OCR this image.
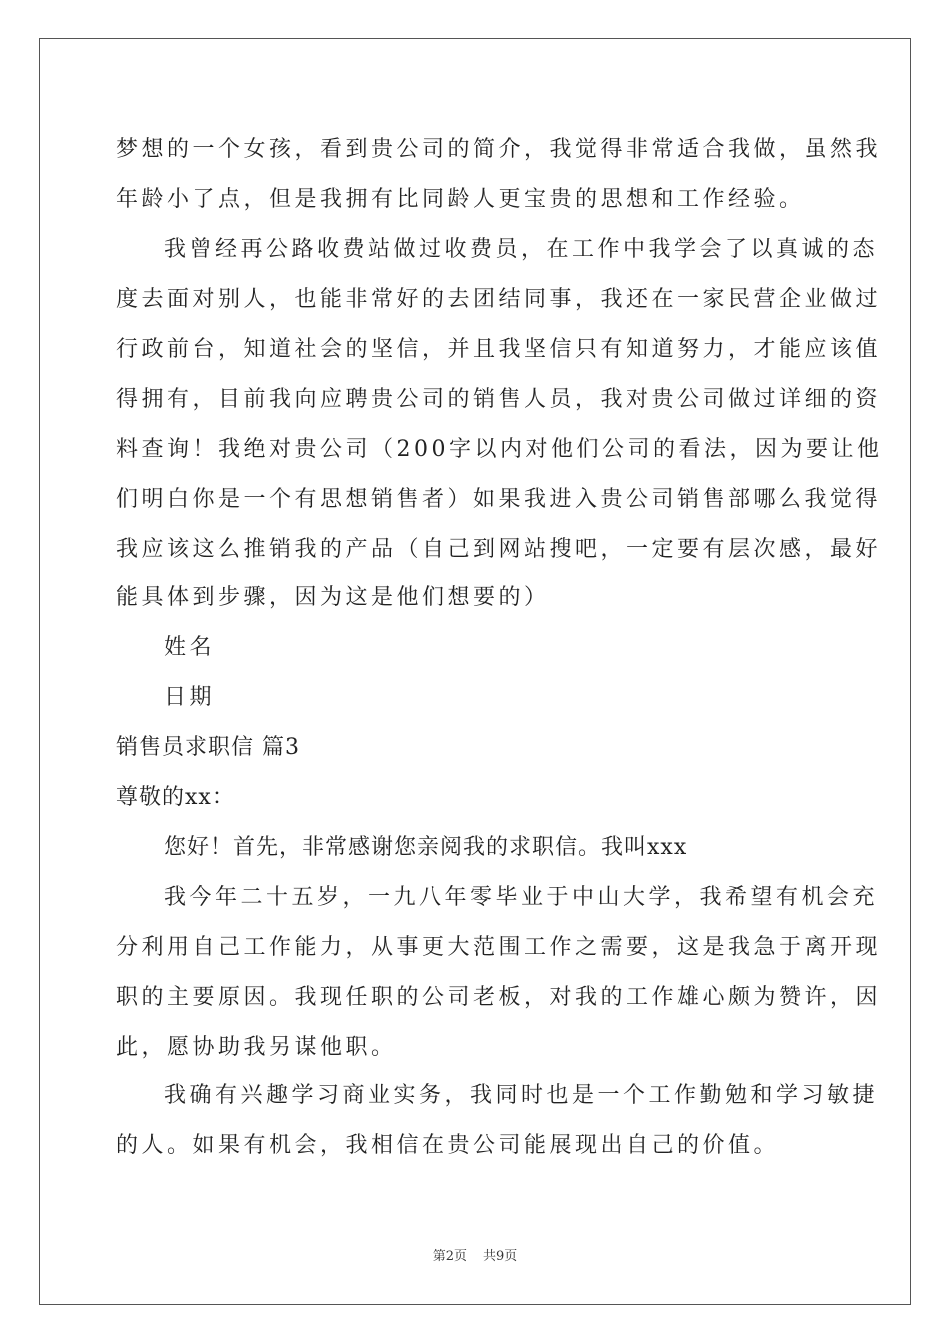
梦想的一个女孩，看到贵公司的简介，我觉得非常适合我做，虽然我
年龄小了点，但是我拥有比同龄人更宝贵的思想和工作经验。
我曾经再公路收费站做过收费员，在工作中我学会了以真诚的态
度去面对别人，也能非常好的去团结同事，我还在一家民营企业做过
行政前台，知道社会的坚信，并且我坚信只有知道努力，才能应该值
得拥有，目前我向应聘贵公司的销售人员，我对贵公司做过详细的资
料查询！我绝对贵公司（200字以内对他们公司的看法，因为要让他
们明白你是一个有思想销售者）如果我进入贵公司销售部哪么我觉得
我应该这么推销我的产品（自己到网站搜吧，一定要有层次感，最好
能具体到步骤，因为这是他们想要的）
姓名
日期
销售员求职信 篇3
尊敬的xx：
您好！首先，非常感谢您亲阅我的求职信。我叫xxx
我今年二十五岁，一九八年零毕业于中山大学，我希望有机会充
分利用自己工作能力，从事更大范围工作之需要，这是我急于离开现
职的主要原因。我现任职的公司老板，对我的工作雄心颇为赞许，因
此，愿协助我另谋他职。
我确有兴趣学习商业实务，我同时也是一个工作勤勉和学习敏捷
的人。如果有机会，我相信在贵公司能展现出自己的价值。
第2页 共9页
